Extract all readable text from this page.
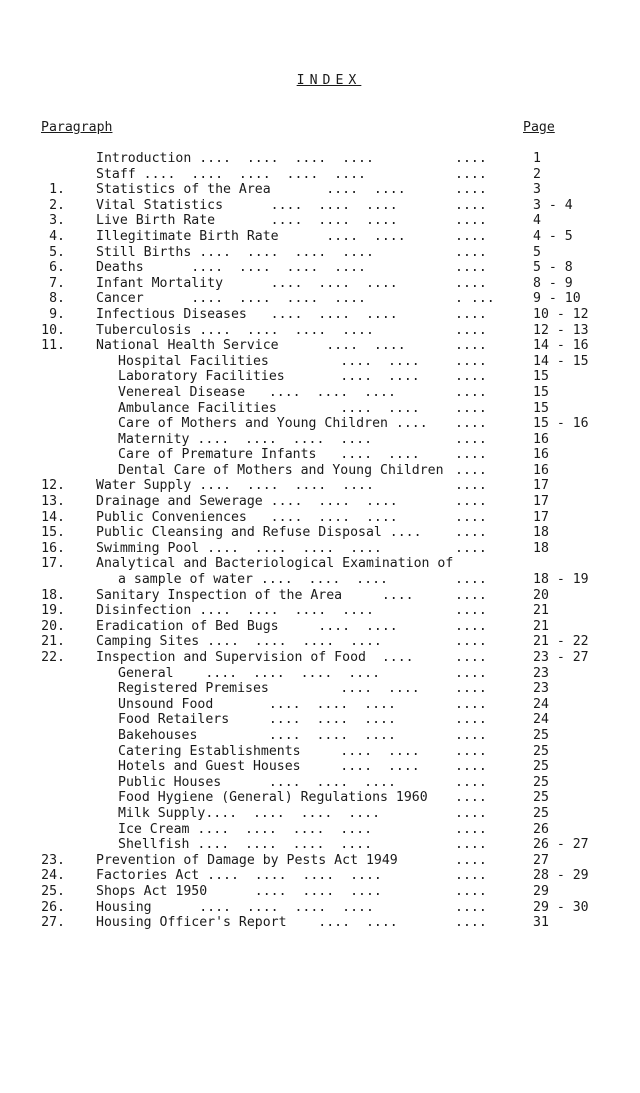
INDEX
Paragraph	Page
Introduction ....  ....  ....  ....	....	1
Staff ....  ....  ....  ....  ....	....	2
1. Statistics of the Area       ....  ....	....	3
2. Vital Statistics      ....  ....  ....	....	3 - 4
3. Live Birth Rate       ....  ....  ....	....	4
4. Illegitimate Birth Rate      ....  ....	....	4 - 5
5. Still Births ....  ....  ....  ....	....	5
6. Deaths      ....  ....  ....  ....	....	5 - 8
7. Infant Mortality      ....  ....  ....	....	8 - 9
8. Cancer      ....  ....  ....  ....	. ...	9 - 10
9. Infectious Diseases   ....  ....  ....	....	10 - 12
10. Tuberculosis ....  ....  ....  ....	....	12 - 13
11. National Health Service      ....  ....	....	14 - 16
Hospital Facilities         ....  ....	....	14 - 15
Laboratory Facilities       ....  ....	....	15
Venereal Disease   ....  ....  ....	....	15
Ambulance Facilities        ....  ....	....	15
Care of Mothers and Young Children .... ....	15 - 16
Maternity ....  ....  ....  ....	....	16
Care of Premature Infants   ....  ....	....	16
Dental Care of Mothers and Young Children ....	16
12. Water Supply ....  ....  ....  ....	....	17
13. Drainage and Sewerage ....  ....  ....	....	17
14. Public Conveniences   ....  ....  ....	....	17
15. Public Cleansing and Refuse Disposal ....	....	18
16. Swimming Pool ....  ....  ....  ....	....	18
17. Analytical and Bacteriological Examination of
a sample of water ....  ....  ....	....	18 - 19
18. Sanitary Inspection of the Area     ....	....	20
19. Disinfection ....  ....  ....  ....	....	21
20. Eradication of Bed Bugs     ....  ....	....	21
21. Camping Sites ....  ....  ....  ....	....	21 - 22
22. Inspection and Supervision of Food  ....	....	23 - 27
General    ....  ....  ....  ....	....	23
Registered Premises         ....  ....	....	23
Unsound Food       ....  ....  ....	....	24
Food Retailers     ....  ....  ....	....	24
Bakehouses         ....  ....  ....	....	25
Catering Establishments     ....  ....	....	25
Hotels and Guest Houses     ....  ....	....	25
Public Houses      ....  ....  ....	....	25
Food Hygiene (General) Regulations 1960 ....	25
Milk Supply....  ....  ....  ....	....	25
Ice Cream ....  ....  ....  ....	....	26
Shellfish ....  ....  ....  ....	....	26 - 27
23. Prevention of Damage by Pests Act 1949	....	27
24. Factories Act ....  ....  ....  ....	....	28 - 29
25. Shops Act 1950      ....  ....  ....	....	29
26. Housing      ....  ....  ....  ....	....	29 - 30
27. Housing Officer's Report    ....  ....	....	31
